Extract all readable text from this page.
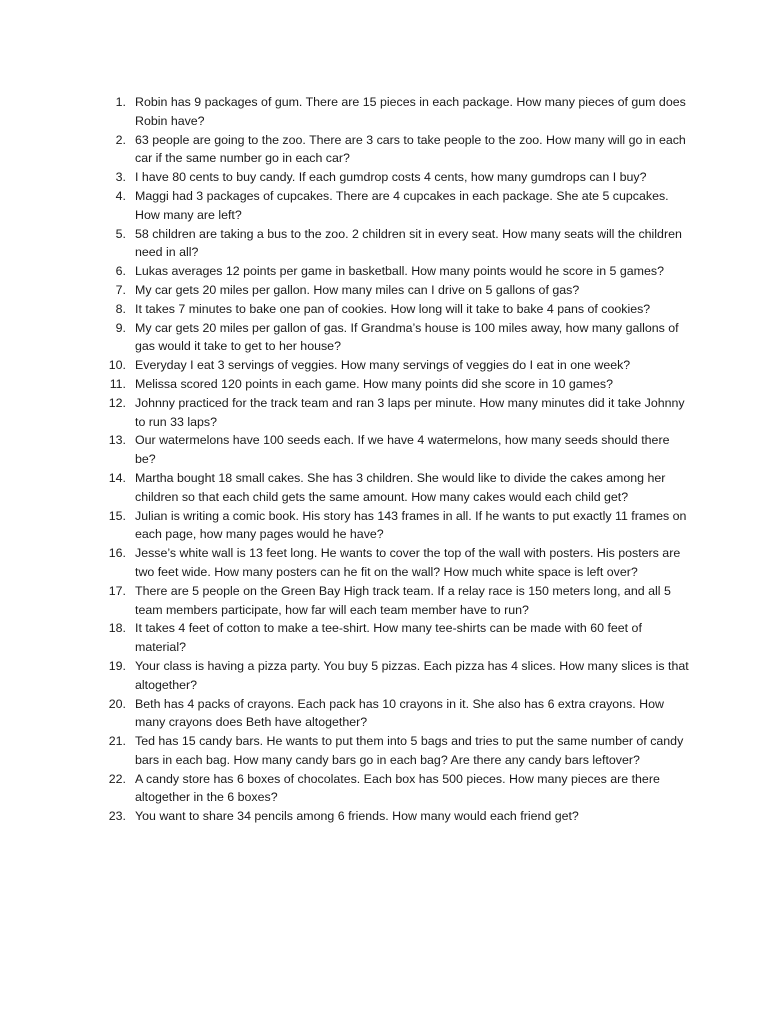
1. Robin has 9 packages of gum. There are 15 pieces in each package. How many pieces of gum does Robin have?
2. 63 people are going to the zoo. There are 3 cars to take people to the zoo. How many will go in each car if the same number go in each car?
3. I have 80 cents to buy candy. If each gumdrop costs 4 cents, how many gumdrops can I buy?
4. Maggi had 3 packages of cupcakes. There are 4 cupcakes in each package. She ate 5 cupcakes. How many are left?
5. 58 children are taking a bus to the zoo. 2 children sit in every seat. How many seats will the children need in all?
6. Lukas averages 12 points per game in basketball. How many points would he score in 5 games?
7. My car gets 20 miles per gallon. How many miles can I drive on 5 gallons of gas?
8. It takes 7 minutes to bake one pan of cookies. How long will it take to bake 4 pans of cookies?
9. My car gets 20 miles per gallon of gas. If Grandma’s house is 100 miles away, how many gallons of gas would it take to get to her house?
10. Everyday I eat 3 servings of veggies. How many servings of veggies do I eat in one week?
11. Melissa scored 120 points in each game. How many points did she score in 10 games?
12. Johnny practiced for the track team and ran 3 laps per minute. How many minutes did it take Johnny to run 33 laps?
13. Our watermelons have 100 seeds each. If we have 4 watermelons, how many seeds should there be?
14. Martha bought 18 small cakes. She has 3 children. She would like to divide the cakes among her children so that each child gets the same amount. How many cakes would each child get?
15. Julian is writing a comic book. His story has 143 frames in all. If he wants to put exactly 11 frames on each page, how many pages would he have?
16. Jesse’s white wall is 13 feet long. He wants to cover the top of the wall with posters. His posters are two feet wide. How many posters can he fit on the wall? How much white space is left over?
17. There are 5 people on the Green Bay High track team. If a relay race is 150 meters long, and all 5 team members participate, how far will each team member have to run?
18. It takes 4 feet of cotton to make a tee-shirt. How many tee-shirts can be made with 60 feet of material?
19. Your class is having a pizza party. You buy 5 pizzas. Each pizza has 4 slices. How many slices is that altogether?
20. Beth has 4 packs of crayons. Each pack has 10 crayons in it. She also has 6 extra crayons. How many crayons does Beth have altogether?
21. Ted has 15 candy bars. He wants to put them into 5 bags and tries to put the same number of candy bars in each bag. How many candy bars go in each bag? Are there any candy bars leftover?
22. A candy store has 6 boxes of chocolates. Each box has 500 pieces. How many pieces are there altogether in the 6 boxes?
23. You want to share 34 pencils among 6 friends. How many would each friend get?
